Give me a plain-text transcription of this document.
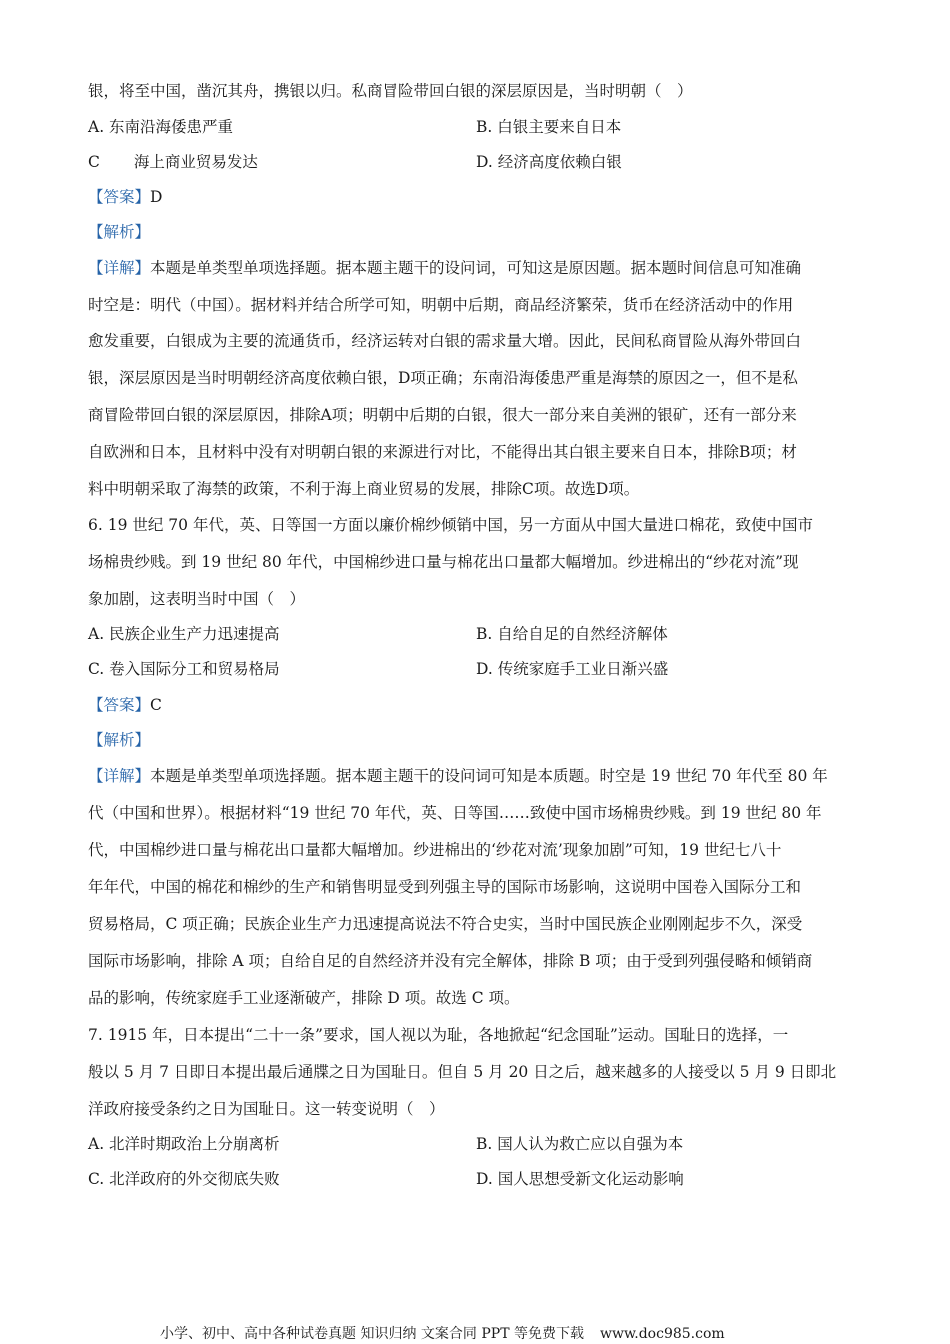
银，将至中国，凿沉其舟，携银以归。私商冒险带回白银的深层原因是，当时明朝（　）
A. 东南沿海倭患严重	B. 白银主要来自日本
C 海上商业贸易发达	D. 经济高度依赖白银
【答案】D
【解析】
【详解】本题是单类型单项选择题。据本题主题干的设问词，可知这是原因题。据本题时间信息可知准确
时空是：明代（中国）。据材料并结合所学可知，明朝中后期，商品经济繁荣，货币在经济活动中的作用
愈发重要，白银成为主要的流通货币，经济运转对白银的需求量大增。因此，民间私商冒险从海外带回白
银，深层原因是当时明朝经济高度依赖白银，D项正确；东南沿海倭患严重是海禁的原因之一，但不是私
商冒险带回白银的深层原因，排除A项；明朝中后期的白银，很大一部分来自美洲的银矿，还有一部分来
自欧洲和日本，且材料中没有对明朝白银的来源进行对比，不能得出其白银主要来自日本，排除B项；材
料中明朝采取了海禁的政策，不利于海上商业贸易的发展，排除C项。故选D项。
6. 19 世纪 70 年代，英、日等国一方面以廉价棉纱倾销中国，另一方面从中国大量进口棉花，致使中国市
场棉贵纱贱。到 19 世纪 80 年代，中国棉纱进口量与棉花出口量都大幅增加。纱进棉出的“纱花对流”现
象加剧，这表明当时中国（　）
A. 民族企业生产力迅速提高	B. 自给自足的自然经济解体
C. 卷入国际分工和贸易格局	D. 传统家庭手工业日渐兴盛
【答案】C
【解析】
【详解】本题是单类型单项选择题。据本题主题干的设问词可知是本质题。时空是 19 世纪 70 年代至 80 年
代（中国和世界）。根据材料“19 世纪 70 年代，英、日等国……致使中国市场棉贵纱贱。到 19 世纪 80 年
代，中国棉纱进口量与棉花出口量都大幅增加。纱进棉出的‘纱花对流’现象加剧”可知，19 世纪七八十
年年代，中国的棉花和棉纱的生产和销售明显受到列强主导的国际市场影响，这说明中国卷入国际分工和
贸易格局，C 项正确；民族企业生产力迅速提高说法不符合史实，当时中国民族企业刚刚起步不久，深受
国际市场影响，排除 A 项；自给自足的自然经济并没有完全解体，排除 B 项；由于受到列强侵略和倾销商
品的影响，传统家庭手工业逐渐破产，排除 D 项。故选 C 项。
7. 1915 年，日本提出“二十一条”要求，国人视以为耻，各地掀起“纪念国耻”运动。国耻日的选择，一
般以 5 月 7 日即日本提出最后通牒之日为国耻日。但自 5 月 20 日之后，越来越多的人接受以 5 月 9 日即北
洋政府接受条约之日为国耻日。这一转变说明（　）
A. 北洋时期政治上分崩离析	B. 国人认为救亡应以自强为本
C. 北洋政府的外交彻底失败	D. 国人思想受新文化运动影响
小学、初中、高中各种试卷真题 知识归纳 文案合同 PPT 等免费下载 www.doc985.com
